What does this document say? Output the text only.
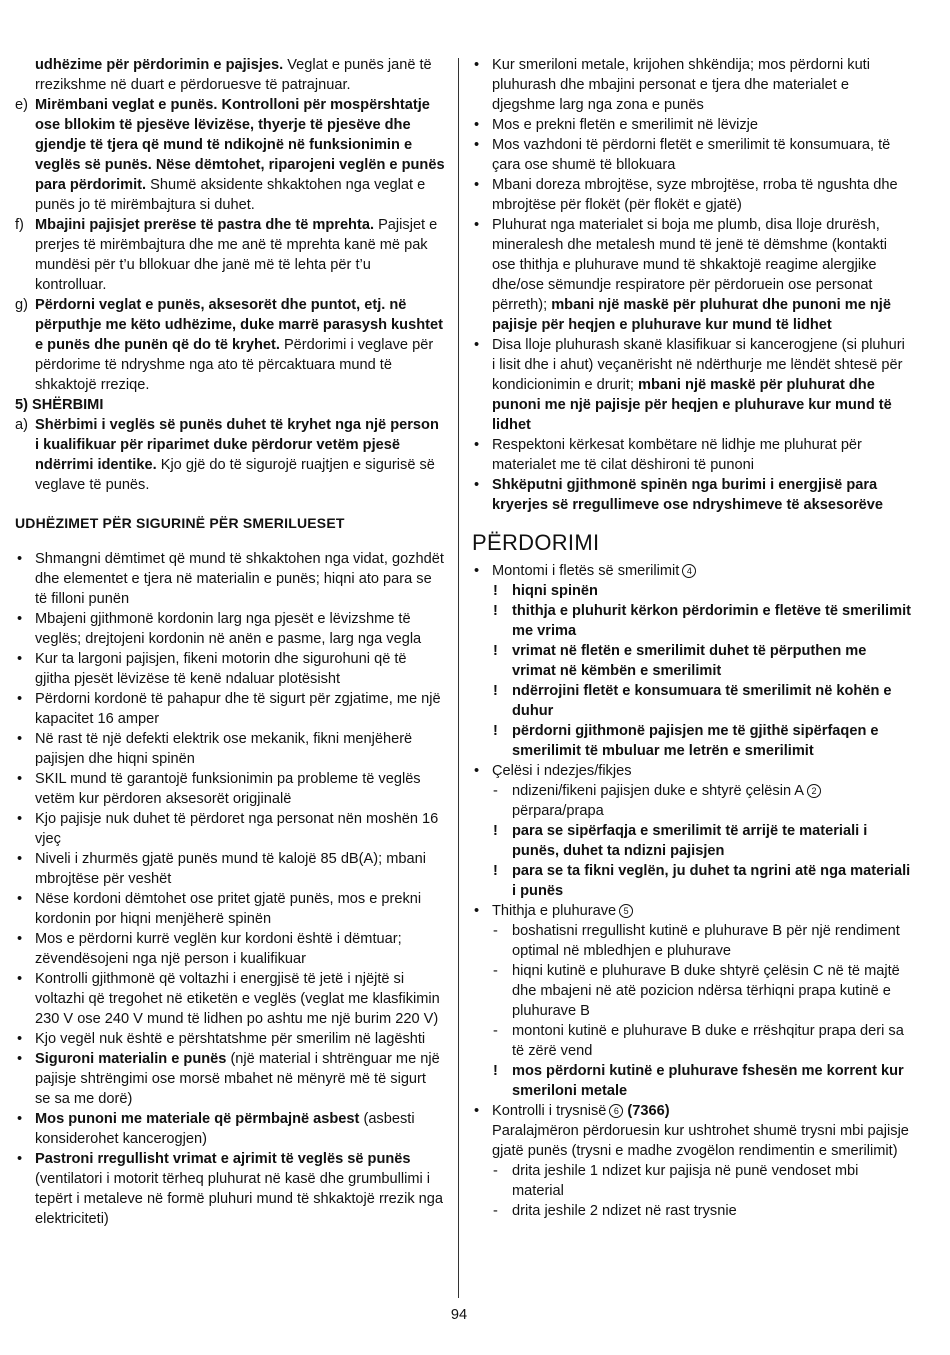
udhëzime për përdorimin e pajisjes. Veglat e punës janë të rrezikshme në duart e përdoruesve të patrajnuar.
e) Mirëmbani veglat e punës. Kontrolloni për mospërshtatje ose bllokim të pjesëve lëvizëse, thyerje të pjesëve dhe gjendje të tjera që mund të ndikojnë në funksionimin e veglës së punës. Nëse dëmtohet, riparojeni veglën e punës para përdorimit. Shumë aksidente shkaktohen nga veglat e punës jo të mirëmbajtura si duhet.
f) Mbajini pajisjet prerëse të pastra dhe të mprehta. Pajisjet e prerjes të mirëmbajtura dhe me anë të mprehta kanë më pak mundësi për t’u bllokuar dhe janë më të lehta për t’u kontrolluar.
g) Përdorni veglat e punës, aksesorët dhe puntot, etj. në përputhje me këto udhëzime, duke marrë parasysh kushtet e punës dhe punën që do të kryhet. Përdorimi i veglave për përdorime të ndryshme nga ato të përcaktuara mund të shkaktojë rreziqe.
5) SHËRBIMI
a) Shërbimi i veglës së punës duhet të kryhet nga një person i kualifikuar për riparimet duke përdorur vetëm pjesë ndërrimi identike. Kjo gjë do të sigurojë ruajtjen e sigurisë së veglave të punës.
UDHËZIMET PËR SIGURINË PËR SMERILUESET
• Shmangni dëmtimet që mund të shkaktohen nga vidat, gozhdët dhe elementet e tjera në materialin e punës; hiqni ato para se të filloni punën
• Mbajeni gjithmonë kordonin larg nga pjesët e lëvizshme të veglës; drejtojeni kordonin në anën e pasme, larg nga vegla
• Kur ta largoni pajisjen, fikeni motorin dhe sigurohuni që të gjitha pjesët lëvizëse të kenë ndaluar plotësisht
• Përdorni kordonë të pahapur dhe të sigurt për zgjatime, me një kapacitet 16 amper
• Në rast të një defekti elektrik ose mekanik, fikni menjëherë pajisjen dhe hiqni spinën
• SKIL mund të garantojë funksionimin pa probleme të veglës vetëm kur përdoren aksesorët origjinalë
• Kjo pajisje nuk duhet të përdoret nga personat nën moshën 16 vjeç
• Niveli i zhurmës gjatë punës mund të kalojë 85 dB(A); mbani mbrojtëse për veshët
• Nëse kordoni dëmtohet ose pritet gjatë punës, mos e prekni kordonin por hiqni menjëherë spinën
• Mos e përdorni kurrë veglën kur kordoni është i dëmtuar; zëvendësojeni nga një person i kualifikuar
• Kontrolli gjithmonë që voltazhi i energjisë të jetë i njëjtë si voltazhi që tregohet në etiketën e veglës (veglat me klasfikimin 230 V ose 240 V mund të lidhen po ashtu me një burim 220 V)
• Kjo vegël nuk është e përshtatshme për smerilim në lagështi
• Siguroni materialin e punës (një material i shtrënguar me një pajisje shtrëngimi ose morsë mbahet në mënyrë më të sigurt se sa me dorë)
• Mos punoni me materiale që përmbajnë asbest (asbesti konsiderohet kancerogjen)
• Pastroni rregullisht vrimat e ajrimit të veglës së punës (ventilatori i motorit tërheq pluhurat në kasë dhe grumbullimi i tepërt i metaleve në formë pluhuri mund të shkaktojë rrezik nga elektriciteti)
• Kur smeriloni metale, krijohen shkëndija; mos përdorni kuti pluhurash dhe mbajini personat e tjera dhe materialet e djegshme larg nga zona e punës
• Mos e prekni fletën e smerilimit në lëvizje
• Mos vazhdoni të përdorni fletët e smerilimit të konsumuara, të çara ose shumë të bllokuara
• Mbani doreza mbrojtëse, syze mbrojtëse, rroba të ngushta dhe mbrojtëse për flokët (për flokët e gjatë)
• Pluhurat nga materialet si boja me plumb, disa lloje drurësh, mineralesh dhe metalesh mund të jenë të dëmshme (kontakti ose thithja e pluhurave mund të shkaktojë reagime alergjike dhe/ose sëmundje respiratore për përdoruein ose personat përreth); mbani një maskë për pluhurat dhe punoni me një pajisje për heqjen e pluhurave kur mund të lidhet
• Disa lloje pluhurash skanë klasifikuar si kancerogjene (si pluhuri i lisit dhe i ahut) veçanërisht në ndërthurje me lëndët shtesë për kondicionimin e drurit; mbani një maskë për pluhurat dhe punoni me një pajisje për heqjen e pluhurave kur mund të lidhet
• Respektoni kërkesat kombëtare në lidhje me pluhurat për materialet me të cilat dëshironi të punoni
• Shkëputni gjithmonë spinën nga burimi i energjisë para kryerjes së rregullimeve ose ndryshimeve të aksesorëve
PËRDORIMI
• Montomi i fletës së smerilimit 4
! hiqni spinën
! thithja e pluhurit kërkon përdorimin e fletëve të smerilimit me vrima
! vrimat në fletën e smerilimit duhet të përputhen me vrimat në këmbën e smerilimit
! ndërrojini fletët e konsumuara të smerilimit në kohën e duhur
! përdorni gjithmonë pajisjen me të gjithë sipërfaqen e smerilimit të mbuluar me letrën e smerilimit
• Çelësi i ndezjes/fikjes
- ndizeni/fikeni pajisjen duke e shtyrë çelësin A 2
përpara/prapa
! para se sipërfaqja e smerilimit të arrijë te materiali i punës, duhet ta ndizni pajisjen
! para se ta fikni veglën, ju duhet ta ngrini atë nga materiali i punës
• Thithja e pluhurave 5
- boshatisni rregullisht kutinë e pluhurave B për një rendiment optimal në mbledhjen e pluhurave
- hiqni kutinë e pluhurave B duke shtyrë çelësin C në të majtë dhe mbajeni në atë pozicion ndërsa tërhiqni prapa kutinë e pluhurave B
- montoni kutinë e pluhurave B duke e rrëshqitur prapa deri sa të zërë vend
! mos përdorni kutinë e pluhurave fshesën me korrent kur smeriloni metale
• Kontrolli i trysnisë 6 (7366)
Paralajmëron përdoruesin kur ushtrohet shumë trysni mbi pajisje gjatë punës (trysni e madhe zvogëlon rendimentin e smerilimit)
- drita jeshile 1 ndizet kur pajisja në punë vendoset mbi material
- drita jeshile 2 ndizet në rast trysnie
94
